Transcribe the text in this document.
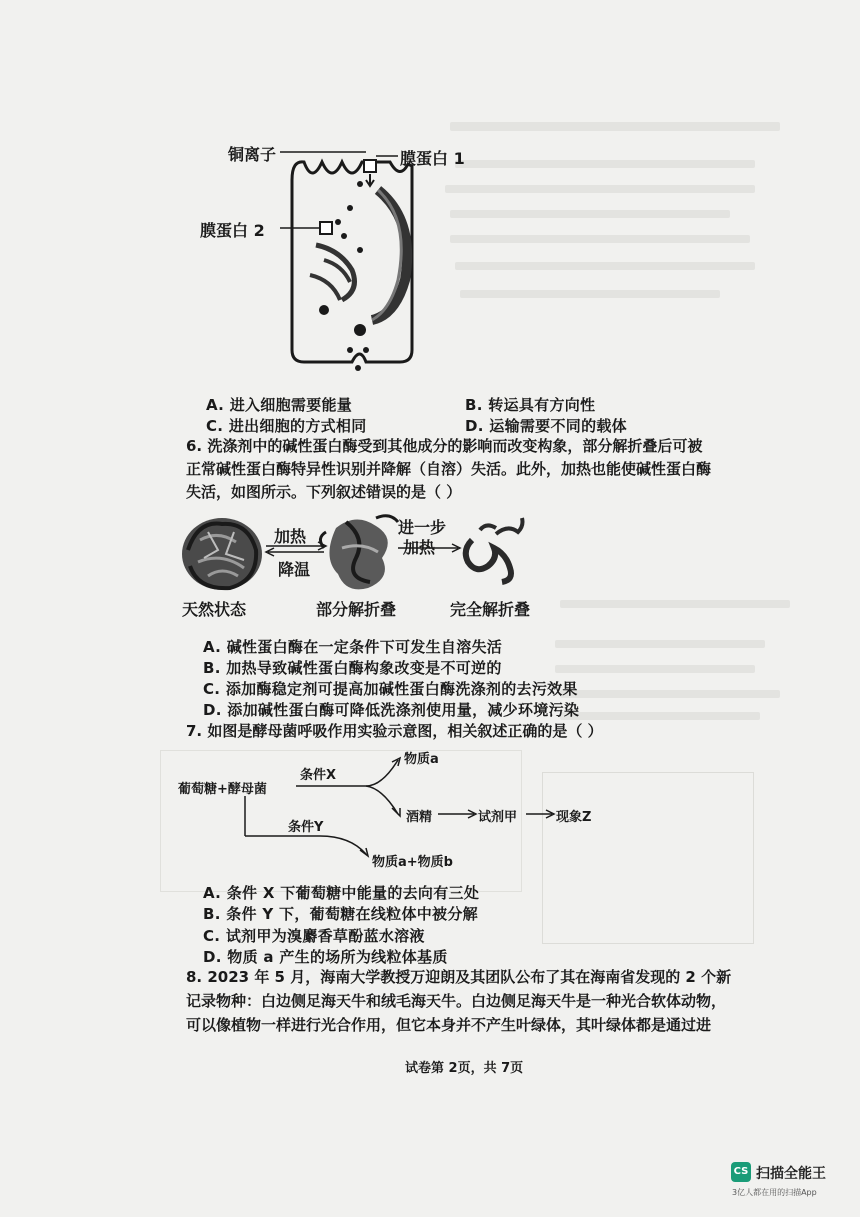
铜离子	膜蛋白 1
膜蛋白 2
A. 进入细胞需要能量	B. 转运具有方向性
C. 进出细胞的方式相同	D. 运输需要不同的载体
6. 洗涤剂中的碱性蛋白酶受到其他成分的影响而改变构象，部分解折叠后可被
正常碱性蛋白酶特异性识别并降解（自溶）失活。此外，加热也能使碱性蛋白酶
失活，如图所示。下列叙述错误的是（ ）
加热
降温
进一步
加热
天然状态	部分解折叠	完全解折叠
A. 碱性蛋白酶在一定条件下可发生自溶失活
B. 加热导致碱性蛋白酶构象改变是不可逆的
C. 添加酶稳定剂可提高加碱性蛋白酶洗涤剂的去污效果
D. 添加碱性蛋白酶可降低洗涤剂使用量，减少环境污染
7. 如图是酵母菌呼吸作用实验示意图，相关叙述正确的是（ ）
葡萄糖+酵母菌
条件X
条件Y
物质a
酒精	试剂甲	现象Z
物质a+物质b
A. 条件 X 下葡萄糖中能量的去向有三处
B. 条件 Y 下，葡萄糖在线粒体中被分解
C. 试剂甲为溴麝香草酚蓝水溶液
D. 物质 a 产生的场所为线粒体基质
8. 2023 年 5 月，海南大学教授万迎朗及其团队公布了其在海南省发现的 2 个新
记录物种：白边侧足海天牛和绒毛海天牛。白边侧足海天牛是一种光合软体动物，
可以像植物一样进行光合作用，但它本身并不产生叶绿体，其叶绿体都是通过进
试卷第 2页，共 7页
CS 扫描全能王
3亿人都在用的扫描App
